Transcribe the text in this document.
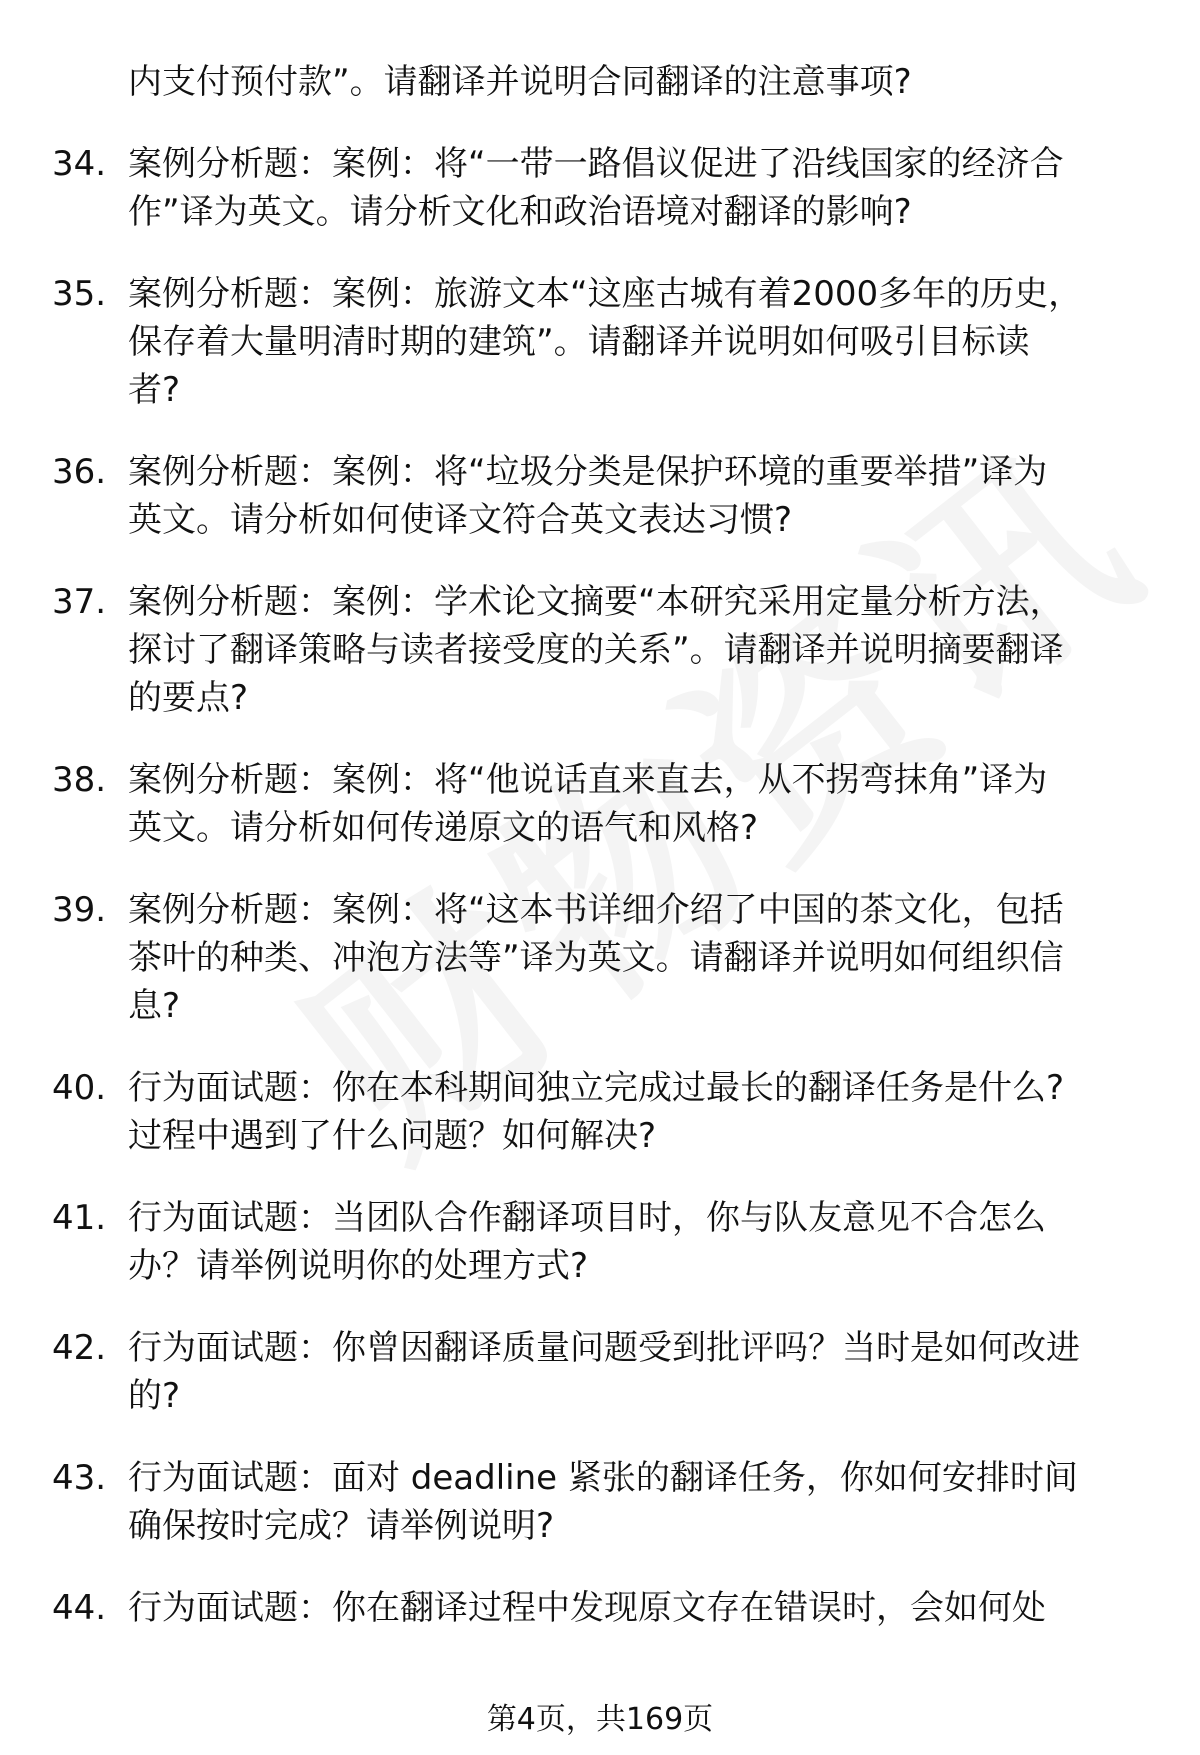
内支付预付款”。请翻译并说明合同翻译的注意事项?
34. 案例分析题：案例：将“一带一路倡议促进了沿线国家的经济合
作”译为英文。请分析文化和政治语境对翻译的影响?
35. 案例分析题：案例：旅游文本“这座古城有着2000多年的历史，
保存着大量明清时期的建筑”。请翻译并说明如何吸引目标读
者?
36. 案例分析题：案例：将“垃圾分类是保护环境的重要举措”译为
英文。请分析如何使译文符合英文表达习惯?
37. 案例分析题：案例：学术论文摘要“本研究采用定量分析方法，
探讨了翻译策略与读者接受度的关系”。请翻译并说明摘要翻译
的要点?
38. 案例分析题：案例：将“他说话直来直去，从不拐弯抹角”译为
英文。请分析如何传递原文的语气和风格?
39. 案例分析题：案例：将“这本书详细介绍了中国的茶文化，包括
茶叶的种类、冲泡方法等”译为英文。请翻译并说明如何组织信
息?
40. 行为面试题：你在本科期间独立完成过最长的翻译任务是什么?
过程中遇到了什么问题？如何解决?
41. 行为面试题：当团队合作翻译项目时，你与队友意见不合怎么
办？请举例说明你的处理方式?
42. 行为面试题：你曾因翻译质量问题受到批评吗？当时是如何改进
的?
43. 行为面试题：面对 deadline 紧张的翻译任务，你如何安排时间
确保按时完成？请举例说明?
44. 行为面试题：你在翻译过程中发现原文存在错误时，会如何处
第4页，共169页
